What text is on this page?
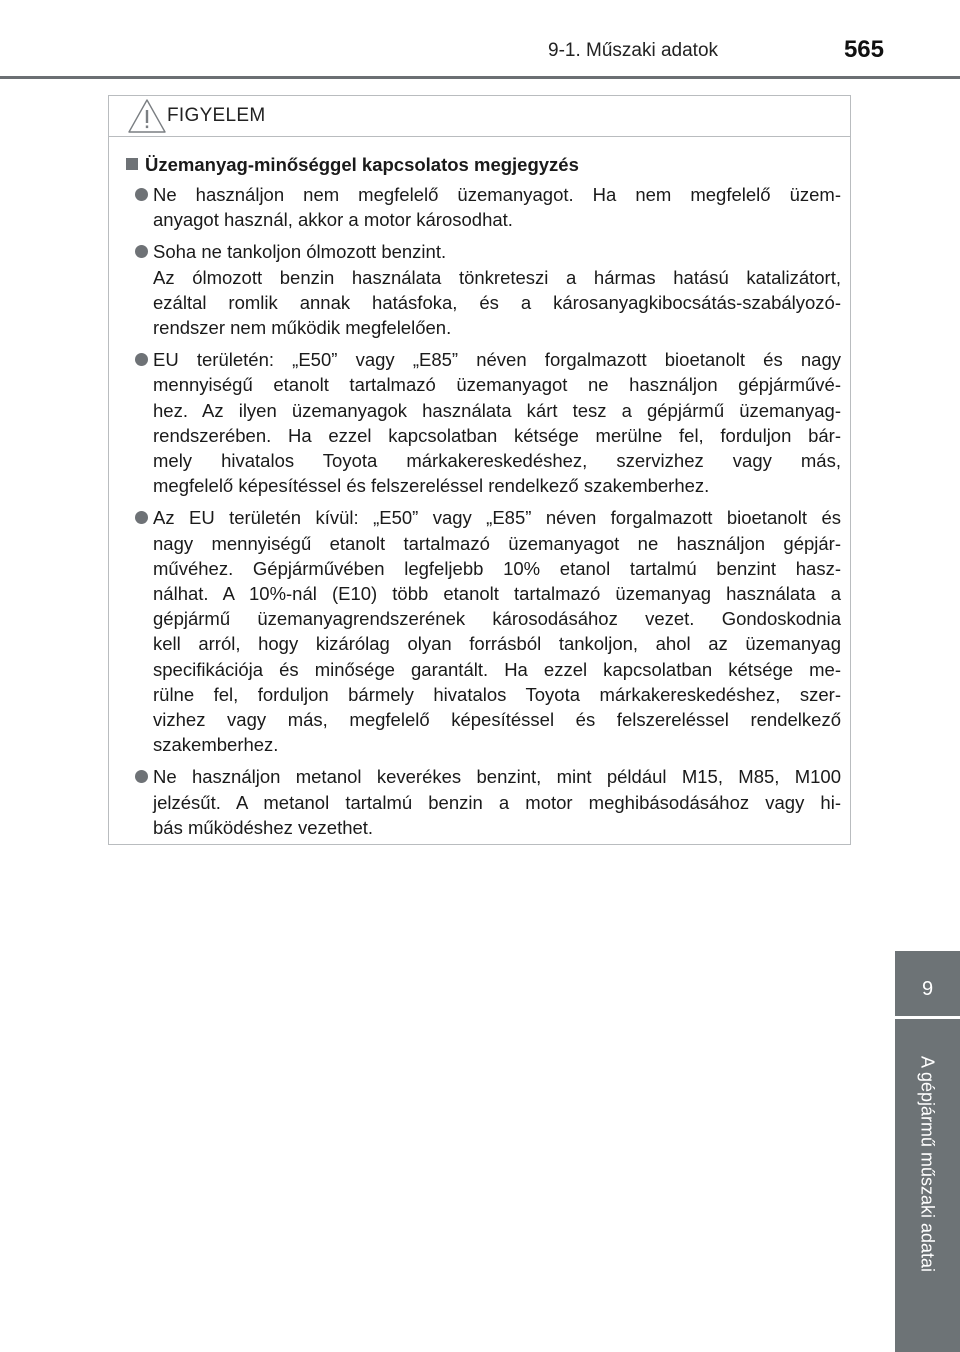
9-1. Műszaki adatok	565
FIGYELEM
Üzemanyag-minőséggel kapcsolatos megjegyzés
Ne használjon nem megfelelő üzemanyagot. Ha nem megfelelő üzem-
anyagot használ, akkor a motor károsodhat.
Soha ne tankoljon ólmozott benzint.
Az ólmozott benzin használata tönkreteszi a hármas hatású katalizátort,
ezáltal romlik annak hatásfoka, és a károsanyagkibocsátás-szabályozó-
rendszer nem működik megfelelően.
EU területén: „E50” vagy „E85” néven forgalmazott bioetanolt és nagy
mennyiségű etanolt tartalmazó üzemanyagot ne használjon gépjárművé-
hez. Az ilyen üzemanyagok használata kárt tesz a gépjármű üzemanyag-
rendszerében. Ha ezzel kapcsolatban kétsége merülne fel, forduljon bár-
mely hivatalos Toyota márkakereskedéshez, szervizhez vagy más,
megfelelő képesítéssel és felszereléssel rendelkező szakemberhez.
Az EU területén kívül: „E50” vagy „E85” néven forgalmazott bioetanolt és
nagy mennyiségű etanolt tartalmazó üzemanyagot ne használjon gépjár-
művéhez. Gépjárművében legfeljebb 10% etanol tartalmú benzint hasz-
nálhat. A 10%-nál (E10) több etanolt tartalmazó üzemanyag használata a
gépjármű üzemanyagrendszerének károsodásához vezet. Gondoskodnia
kell arról, hogy kizárólag olyan forrásból tankoljon, ahol az üzemanyag
specifikációja és minősége garantált. Ha ezzel kapcsolatban kétsége me-
rülne fel, forduljon bármely hivatalos Toyota márkakereskedéshez, szer-
vizhez vagy más, megfelelő képesítéssel és felszereléssel rendelkező
szakemberhez.
Ne használjon metanol keverékes benzint, mint például M15, M85, M100
jelzésűt. A metanol tartalmú benzin a motor meghibásodásához vagy hi-
bás működéshez vezethet.
9
A gépjármű műszaki adatai
